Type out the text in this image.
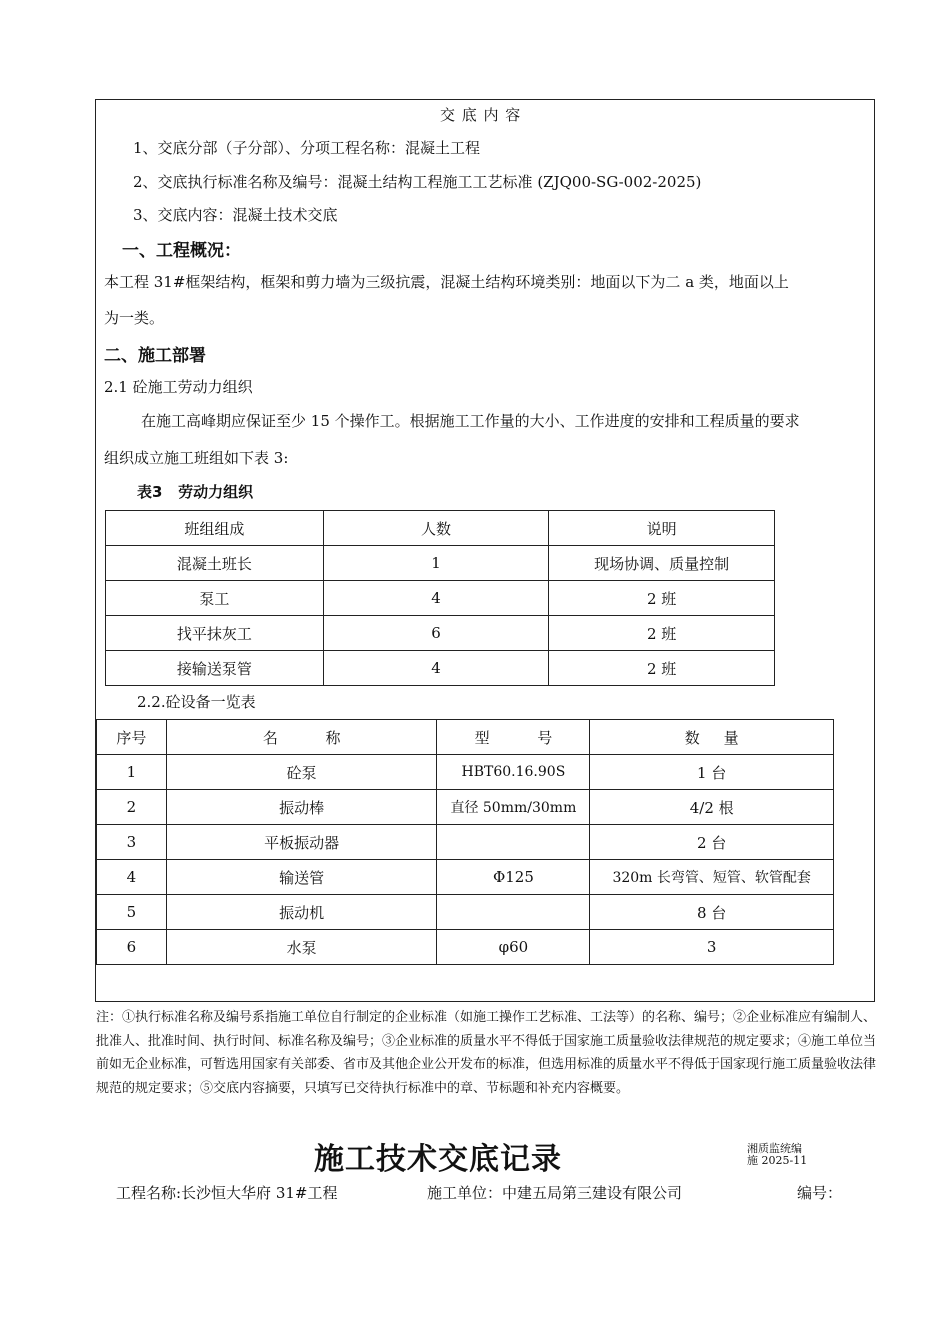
交 底 内 容
1、交底分部（子分部）、分项工程名称：混凝土工程
2、交底执行标准名称及编号：混凝土结构工程施工工艺标准 (ZJQ00-SG-002-2025)
3、交底内容：混凝土技术交底
一、工程概况：
本工程 31#框架结构，框架和剪力墙为三级抗震，混凝土结构环境类别：地面以下为二 a 类，地面以上
为一类。
二、施工部署
2.1 砼施工劳动力组织
在施工高峰期应保证至少 15 个操作工。根据施工工作量的大小、工作进度的安排和工程质量的要求
组织成立施工班组如下表 3:
表3   劳动力组织
班组组成	人数	说明
混凝土班长	1	现场协调、质量控制
泵工	4	2 班
找平抹灰工	6	2 班
接输送泵管	4	2 班
2.2.砼设备一览表
序号	名          称	型          号	数     量
1	砼泵	HBT60.16.90S	1 台
2	振动棒	直径 50mm/30mm	4/2 根
3	平板振动器		2 台
4	输送管	Φ125	320m 长弯管、短管、软管配套
5	振动机		8 台
6	水泵	φ60	3
注：①执行标准名称及编号系指施工单位自行制定的企业标准（如施工操作工艺标准、工法等）的名称、编号；②企业标准应有编制人、批准人、批准时间、执行时间、标准名称及编号；③企业标准的质量水平不得低于国家施工质量验收法律规范的规定要求；④施工单位当前如无企业标准，可暂选用国家有关部委、省市及其他企业公开发布的标准，但选用标准的质量水平不得低于国家现行施工质量验收法律规范的规定要求；⑤交底内容摘要，只填写已交待执行标准中的章、节标题和补充内容概要。
施工技术交底记录	湘质监统编
施 2025-11
工程名称:长沙恒大华府 31#工程	施工单位：中建五局第三建设有限公司	编号：
